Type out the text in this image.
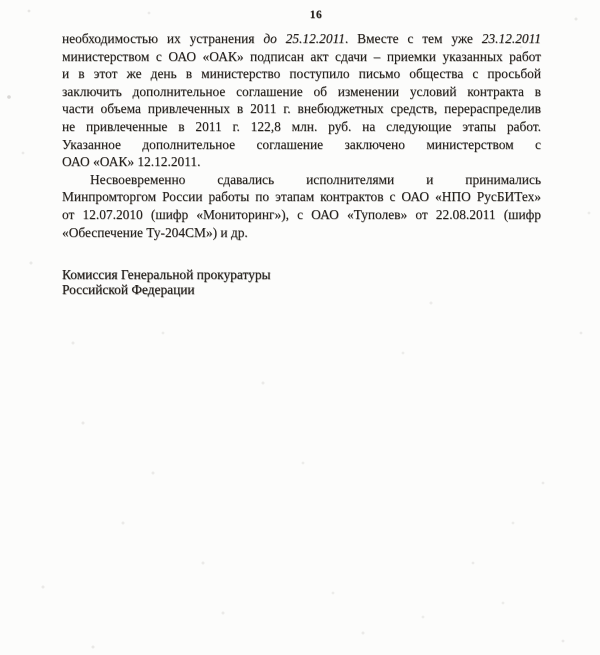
16
необходимостью их устранения до 25.12.2011. Вместе с тем уже 23.12.2011
министерством с ОАО «ОАК» подписан акт сдачи – приемки указанных работ
и в этот же день в министерство поступило письмо общества с просьбой
заключить дополнительное соглашение об изменении условий контракта в
части объема привлеченных в 2011 г. внебюджетных средств, перераспределив
не привлеченные в 2011 г. 122,8 млн. руб. на следующие этапы работ.
Указанное дополнительное соглашение заключено министерством с
ОАО «ОАК» 12.12.2011.
Несвоевременно сдавались исполнителями и принимались
Минпромторгом России работы по этапам контрактов с ОАО «НПО РусБИТех»
от 12.07.2010 (шифр «Мониторинг»), с ОАО «Туполев» от 22.08.2011 (шифр
«Обеспечение Ту-204СМ») и др.
Комиссия Генеральной прокуратуры
Российской Федерации
